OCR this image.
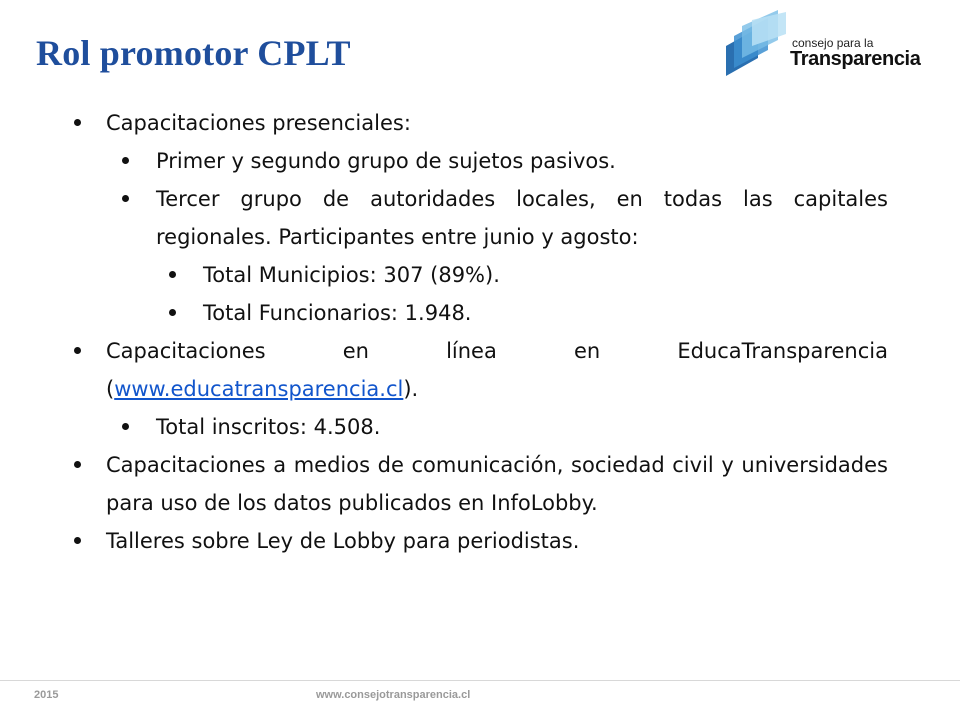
Rol promotor CPLT	consejo para la
Transparencia
Capacitaciones presenciales:
Primer y segundo grupo de sujetos pasivos.
Tercer grupo de autoridades locales, en todas las capitales regionales. Participantes entre junio y agosto:
Total Municipios: 307 (89%).
Total Funcionarios: 1.948.
Capacitaciones en línea en EducaTransparencia (www.educatransparencia.cl).
Total inscritos: 4.508.
Capacitaciones a medios de comunicación, sociedad civil y universidades para uso de los datos publicados en InfoLobby.
Talleres sobre Ley de Lobby para periodistas.
2015	www.consejotransparencia.cl
